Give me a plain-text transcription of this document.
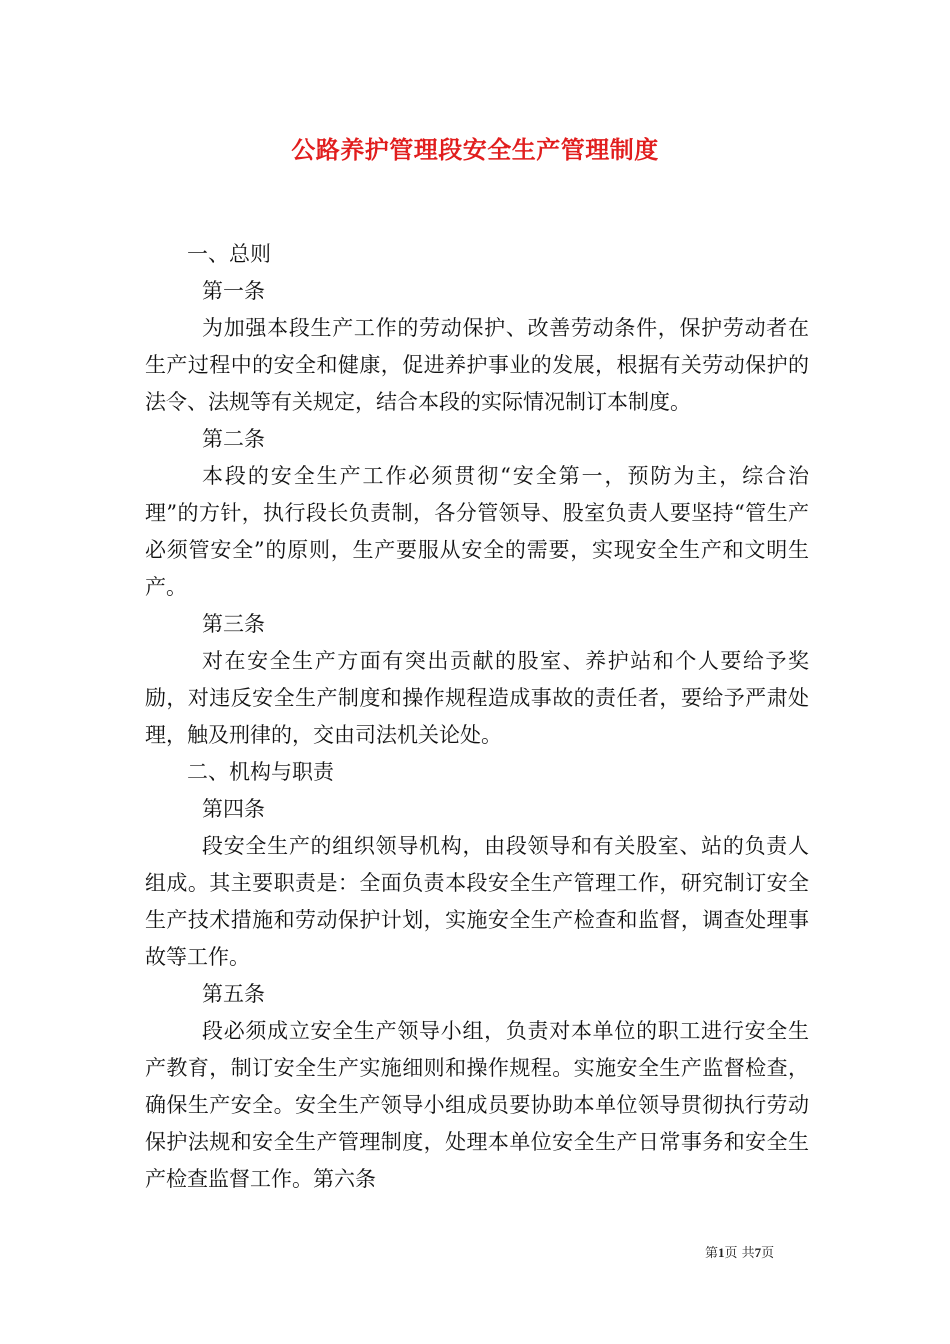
公路养护管理段安全生产管理制度

一、总则

第一条

为加强本段生产工作的劳动保护、改善劳动条件，保护劳动者在生产过程中的安全和健康，促进养护事业的发展，根据有关劳动保护的法令、法规等有关规定，结合本段的实际情况制订本制度。

第二条

本段的安全生产工作必须贯彻“安全第一，预防为主，综合治理”的方针，执行段长负责制，各分管领导、股室负责人要坚持“管生产必须管安全”的原则，生产要服从安全的需要，实现安全生产和文明生产。

第三条

对在安全生产方面有突出贡献的股室、养护站和个人要给予奖励，对违反安全生产制度和操作规程造成事故的责任者，要给予严肃处理，触及刑律的，交由司法机关论处。

二、机构与职责

第四条

段安全生产的组织领导机构，由段领导和有关股室、站的负责人组成。其主要职责是：全面负责本段安全生产管理工作，研究制订安全生产技术措施和劳动保护计划，实施安全生产检查和监督，调查处理事故等工作。

第五条

段必须成立安全生产领导小组，负责对本单位的职工进行安全生产教育，制订安全生产实施细则和操作规程。实施安全生产监督检查，确保生产安全。安全生产领导小组成员要协助本单位领导贯彻执行劳动保护法规和安全生产管理制度，处理本单位安全生产日常事务和安全生产检查监督工作。第六条

第1页 共7页
